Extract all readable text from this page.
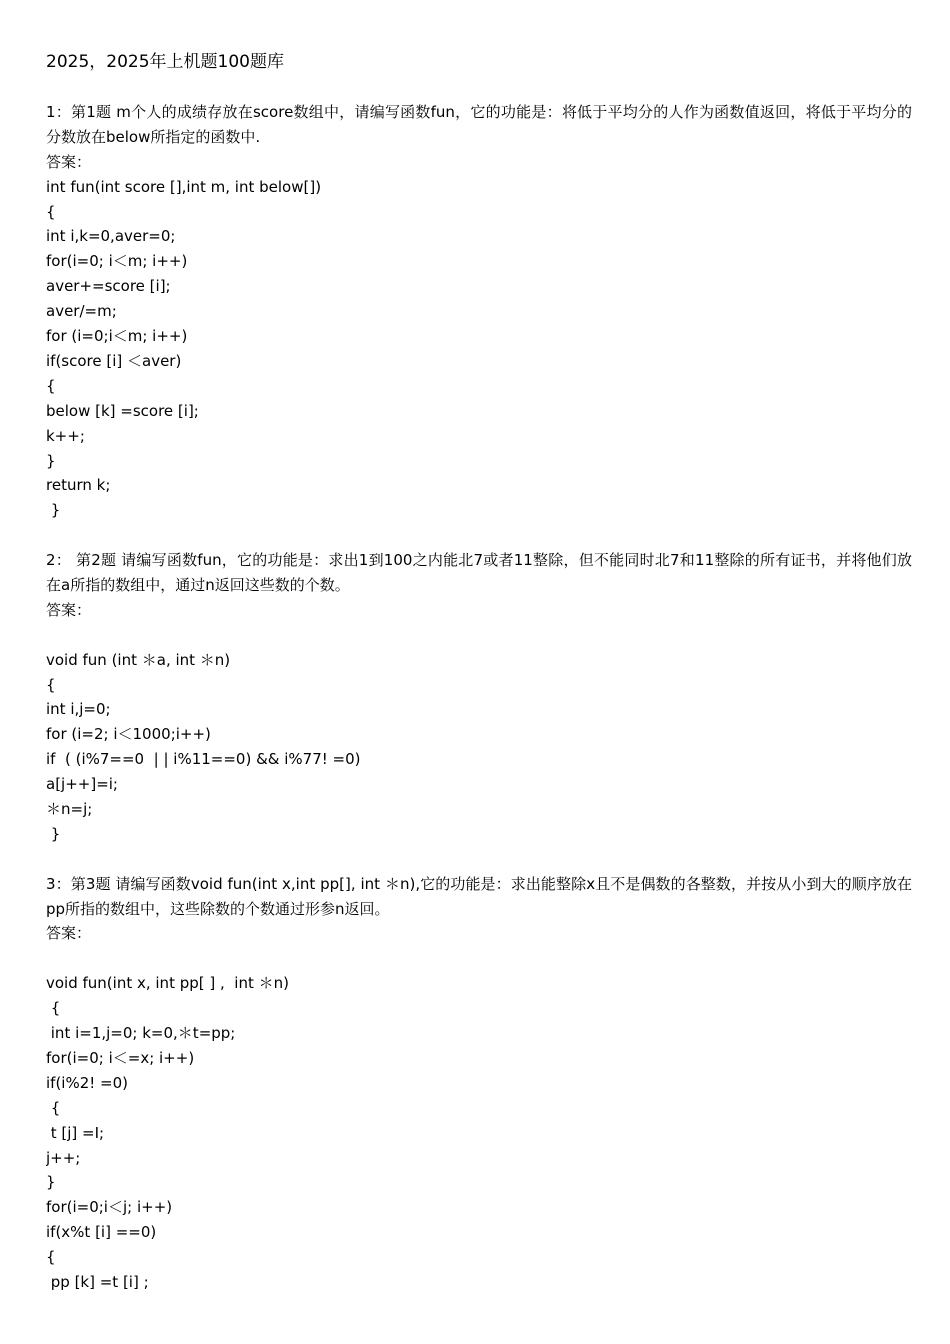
2025，2025年上机题100题库
1：第1题 m个人的成绩存放在score数组中，请编写函数fun，它的功能是：将低于平均分的人作为函数值返回，将低于平均分的分数放在below所指定的函数中.
答案：
int fun(int score [],int m, int below[])
{
int i,k=0,aver=0;
for(i=0; i＜m; i++)
aver+=score [i];
aver/=m;
for (i=0;i＜m; i++)
if(score [i] ＜aver)
{
below [k] =score [i];
k++;
}
return k;
}
2： 第2题 请编写函数fun，它的功能是：求出1到100之内能北7或者11整除，但不能同时北7和11整除的所有证书，并将他们放在a所指的数组中，通过n返回这些数的个数。
答案：
void fun (int ＊a, int ＊n)
{
int i,j=0;
for (i=2; i＜1000;i++)
if  ( (i%7==0  | | i%11==0) && i%77! =0)
a[j++]=i;
＊n=j;
}
3：第3题 请编写函数void fun(int x,int pp[], int ＊n),它的功能是：求出能整除x且不是偶数的各整数，并按从小到大的顺序放在pp所指的数组中，这些除数的个数通过形参n返回。
答案：
void fun(int x, int pp[ ] ,  int ＊n)
{
int i=1,j=0; k=0,＊t=pp;
for(i=0; i＜=x; i++)
if(i%2! =0)
{
t [j] =I;
j++;
}
for(i=0;i＜j; i++)
if(x%t [i] ==0)
{
pp [k] =t [i] ;
